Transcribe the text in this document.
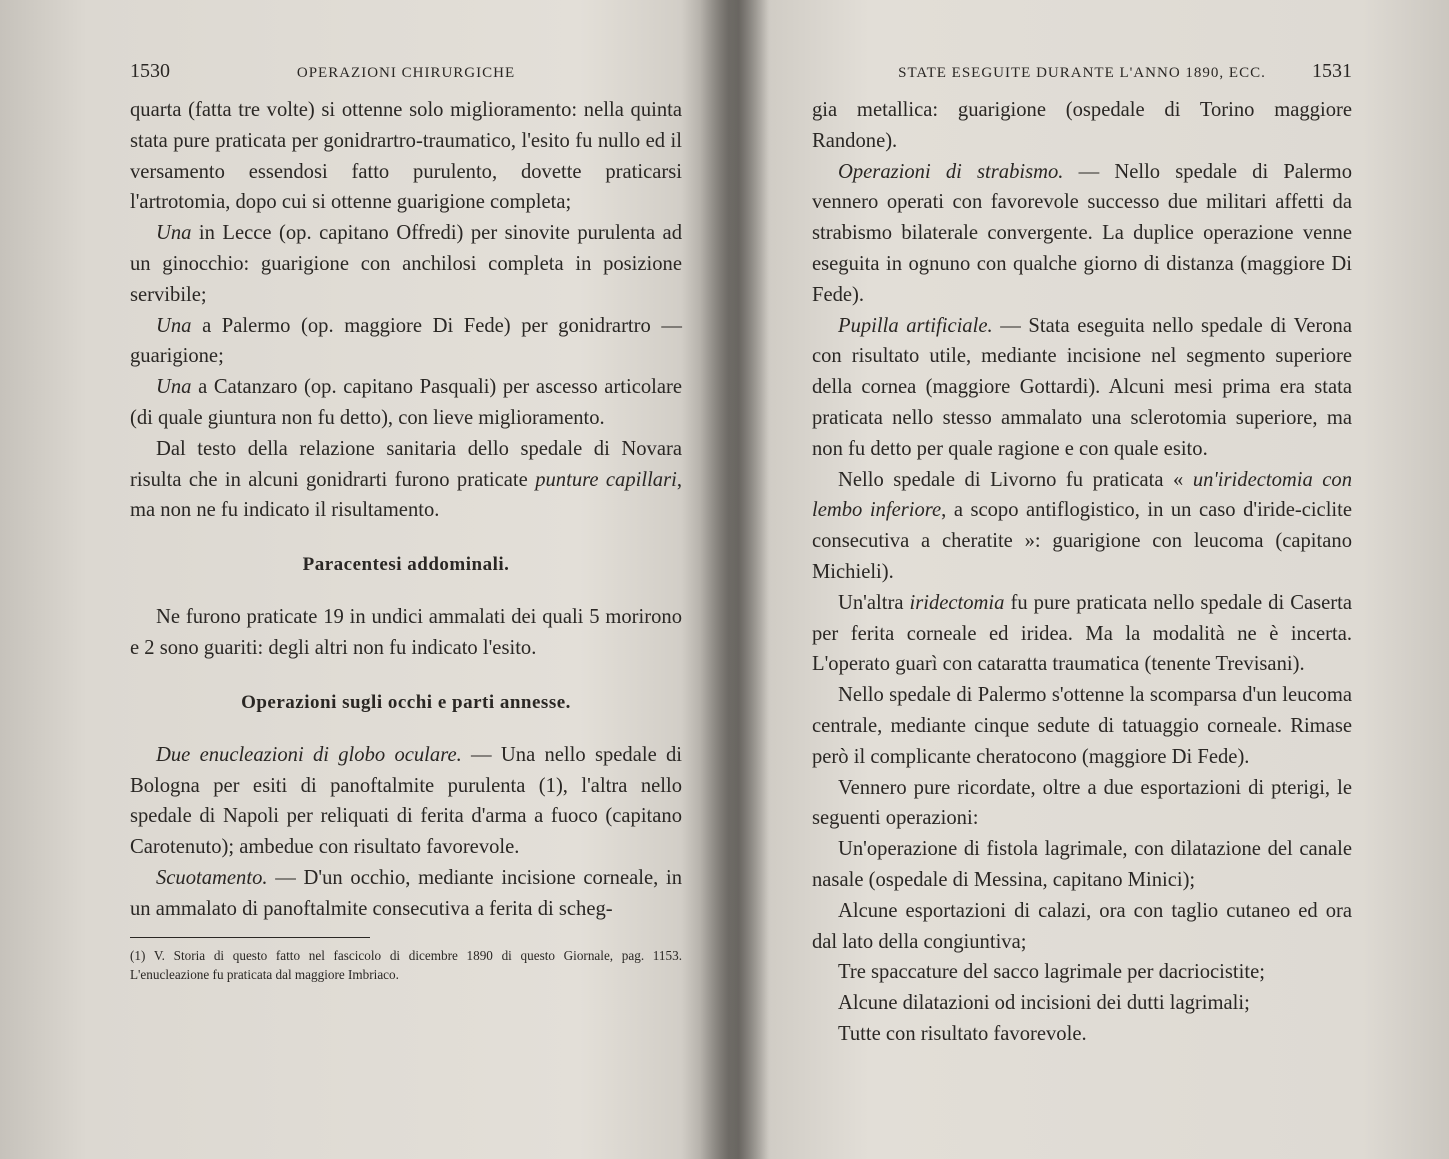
1530	OPERAZIONI CHIRURGICHE

quarta (fatta tre volte) si ottenne solo miglioramento: nella quinta stata pure praticata per gonidrartro-traumatico, l'esito fu nullo ed il versamento essendosi fatto purulento, dovette praticarsi l'artrotomia, dopo cui si ottenne guarigione completa;

Una in Lecce (op. capitano Offredi) per sinovite purulenta ad un ginocchio: guarigione con anchilosi completa in posizione servibile;

Una a Palermo (op. maggiore Di Fede) per gonidrartro — guarigione;

Una a Catanzaro (op. capitano Pasquali) per ascesso articolare (di quale giuntura non fu detto), con lieve miglioramento.

Dal testo della relazione sanitaria dello spedale di Novara risulta che in alcuni gonidrarti furono praticate punture capillari, ma non ne fu indicato il risultamento.

Paracentesi addominali.

Ne furono praticate 19 in undici ammalati dei quali 5 morirono e 2 sono guariti: degli altri non fu indicato l'esito.

Operazioni sugli occhi e parti annesse.

Due enucleazioni di globo oculare. — Una nello spedale di Bologna per esiti di panoftalmite purulenta (1), l'altra nello spedale di Napoli per reliquati di ferita d'arma a fuoco (capitano Carotenuto); ambedue con risultato favorevole.

Scuotamento. — D'un occhio, mediante incisione corneale, in un ammalato di panoftalmite consecutiva a ferita di scheg-

(1) V. Storia di questo fatto nel fascicolo di dicembre 1890 di questo Giornale, pag. 1153. L'enucleazione fu praticata dal maggiore Imbriaco.
STATE ESEGUITE DURANTE L'ANNO 1890, ECC. 1531

gia metallica: guarigione (ospedale di Torino maggiore Randone).

Operazioni di strabismo. — Nello spedale di Palermo vennero operati con favorevole successo due militari affetti da strabismo bilaterale convergente. La duplice operazione venne eseguita in ognuno con qualche giorno di distanza (maggiore Di Fede).

Pupilla artificiale. — Stata eseguita nello spedale di Verona con risultato utile, mediante incisione nel segmento superiore della cornea (maggiore Gottardi). Alcuni mesi prima era stata praticata nello stesso ammalato una sclerotomia superiore, ma non fu detto per quale ragione e con quale esito.

Nello spedale di Livorno fu praticata « un'iridectomia con lembo inferiore, a scopo antiflogistico, in un caso d'iride-ciclite consecutiva a cheratite »: guarigione con leucoma (capitano Michieli).

Un'altra iridectomia fu pure praticata nello spedale di Caserta per ferita corneale ed iridea. Ma la modalità ne è incerta. L'operato guarì con cataratta traumatica (tenente Trevisani).

Nello spedale di Palermo s'ottenne la scomparsa d'un leucoma centrale, mediante cinque sedute di tatuaggio corneale. Rimase però il complicante cheratocono (maggiore Di Fede).

Vennero pure ricordate, oltre a due esportazioni di pterigi, le seguenti operazioni:

Un'operazione di fistola lagrimale, con dilatazione del canale nasale (ospedale di Messina, capitano Minici);

Alcune esportazioni di calazi, ora con taglio cutaneo ed ora dal lato della congiuntiva;

Tre spaccature del sacco lagrimale per dacriocistite;

Alcune dilatazioni od incisioni dei dutti lagrimali;

Tutte con risultato favorevole.
